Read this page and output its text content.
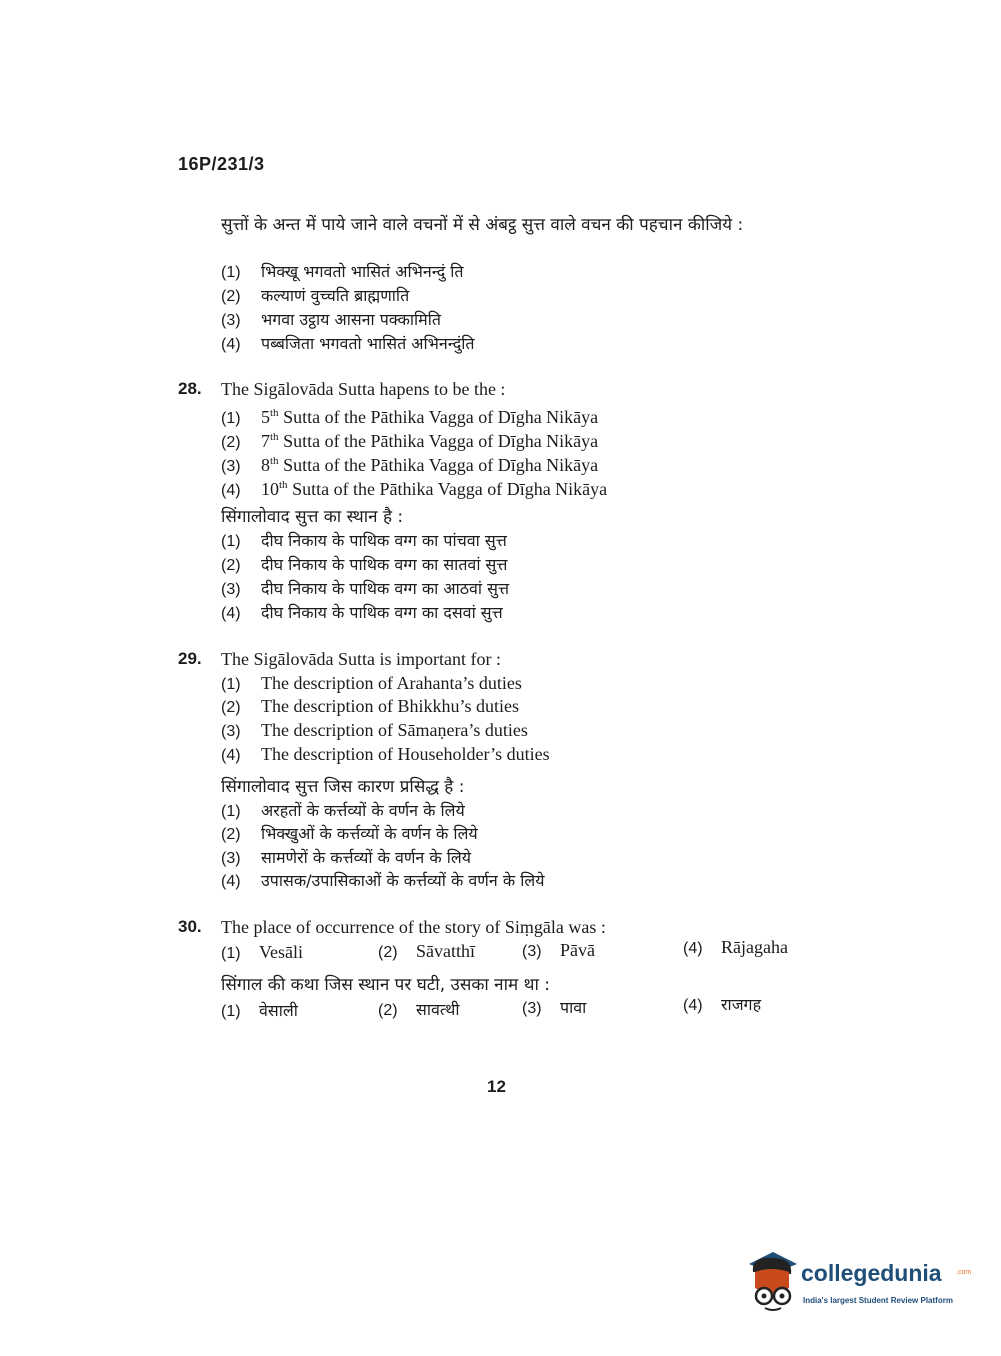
16P/231/3
सुत्तों के अन्त में पाये जाने वाले वचनों में से अंबट्ठ सुत्त वाले वचन की पहचान कीजिये :
(1) भिक्खू भगवतो भासितं अभिनन्दुं ति
(2) कल्याणं वुच्चति ब्राह्मणाति
(3) भगवा उट्ठाय आसना पक्कामिति
(4) पब्बजिता भगवतो भासितं अभिनन्दुंति
28. The Sigālovāda Sutta hapens to be the :
(1) 5th Sutta of the Pāthika Vagga of Dīgha Nikāya
(2) 7th Sutta of the Pāthika Vagga of Dīgha Nikāya
(3) 8th Sutta of the Pāthika Vagga of Dīgha Nikāya
(4) 10th Sutta of the Pāthika Vagga of Dīgha Nikāya
सिंगालोवाद सुत्त का स्थान है :
(1) दीघ निकाय के पाथिक वग्ग का पांचवा सुत्त
(2) दीघ निकाय के पाथिक वग्ग का सातवां सुत्त
(3) दीघ निकाय के पाथिक वग्ग का आठवां सुत्त
(4) दीघ निकाय के पाथिक वग्ग का दसवां सुत्त
29. The Sigālovāda Sutta is important for :
(1) The description of Arahanta’s duties
(2) The description of Bhikkhu’s duties
(3) The description of Sāmaṇera’s duties
(4) The description of Householder’s duties
सिंगालोवाद सुत्त जिस कारण प्रसिद्ध है :
(1) अरहतों के कर्त्तव्यों के वर्णन के लिये
(2) भिक्खुओं के कर्त्तव्यों के वर्णन के लिये
(3) सामणेरों के कर्त्तव्यों के वर्णन के लिये
(4) उपासक/उपासिकाओं के कर्त्तव्यों के वर्णन के लिये
30. The place of occurrence of the story of Siṃgāla was :
(1) Vesāli	(2) Sāvatthī	(3) Pāvā	(4) Rājagaha
सिंगाल की कथा जिस स्थान पर घटी, उसका नाम था :
(1) वेसाली	(2) सावत्थी	(3) पावा	(4) राजगह
12
collegedunia .com
India's largest Student Review Platform
